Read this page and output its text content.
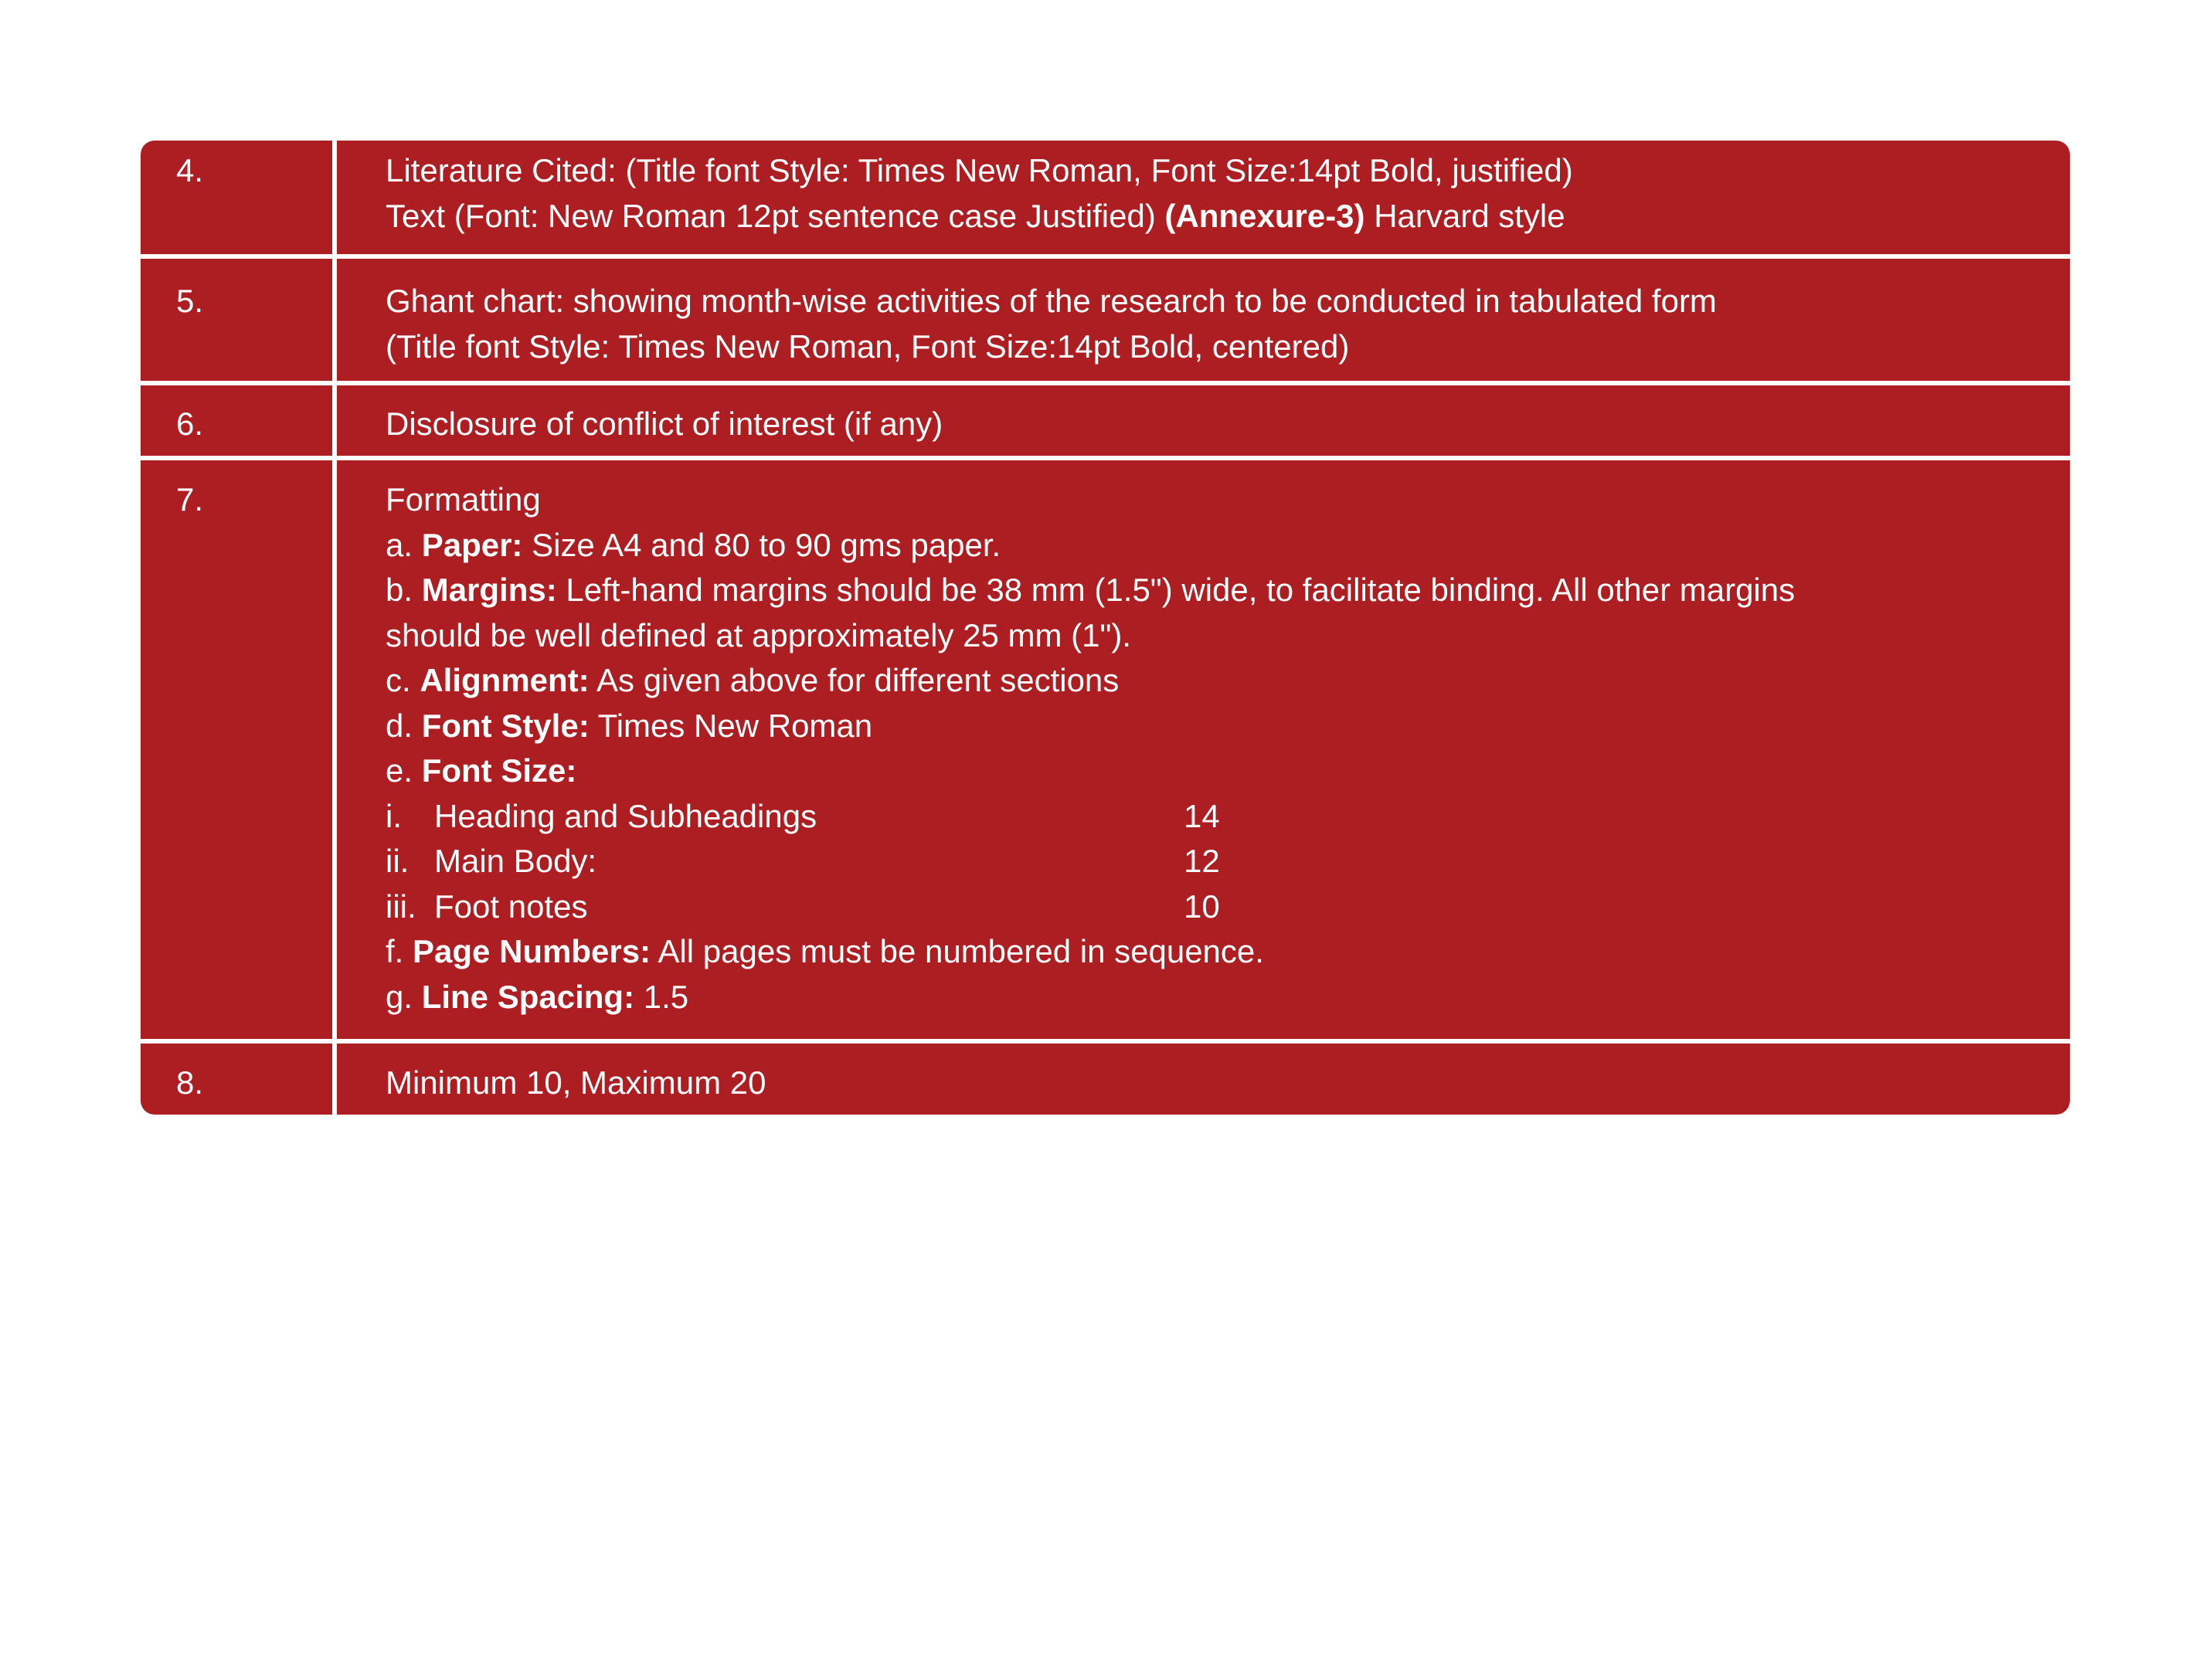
4.	Literature Cited: (Title font Style: Times New Roman, Font Size:14pt Bold, justified)
Text (Font: New Roman 12pt sentence case Justified) (Annexure-3) Harvard style
5.	Ghant chart: showing month-wise activities of the research to be conducted in tabulated form
(Title font Style: Times New Roman, Font Size:14pt Bold, centered)
6.	Disclosure of conflict of interest (if any)
7.	Formatting
a. Paper: Size A4 and 80 to 90 gms paper.
b. Margins: Left-hand margins should be 38 mm (1.5") wide, to facilitate binding. All other margins
should be well defined at approximately 25 mm (1").
c. Alignment: As given above for different sections
d. Font Style: Times New Roman
e. Font Size:
i.	Heading and Subheadings	14
ii. Main Body:	12
iii. Foot notes	10
f. Page Numbers: All pages must be numbered in sequence.
g. Line Spacing: 1.5
8.	Minimum 10, Maximum 20
